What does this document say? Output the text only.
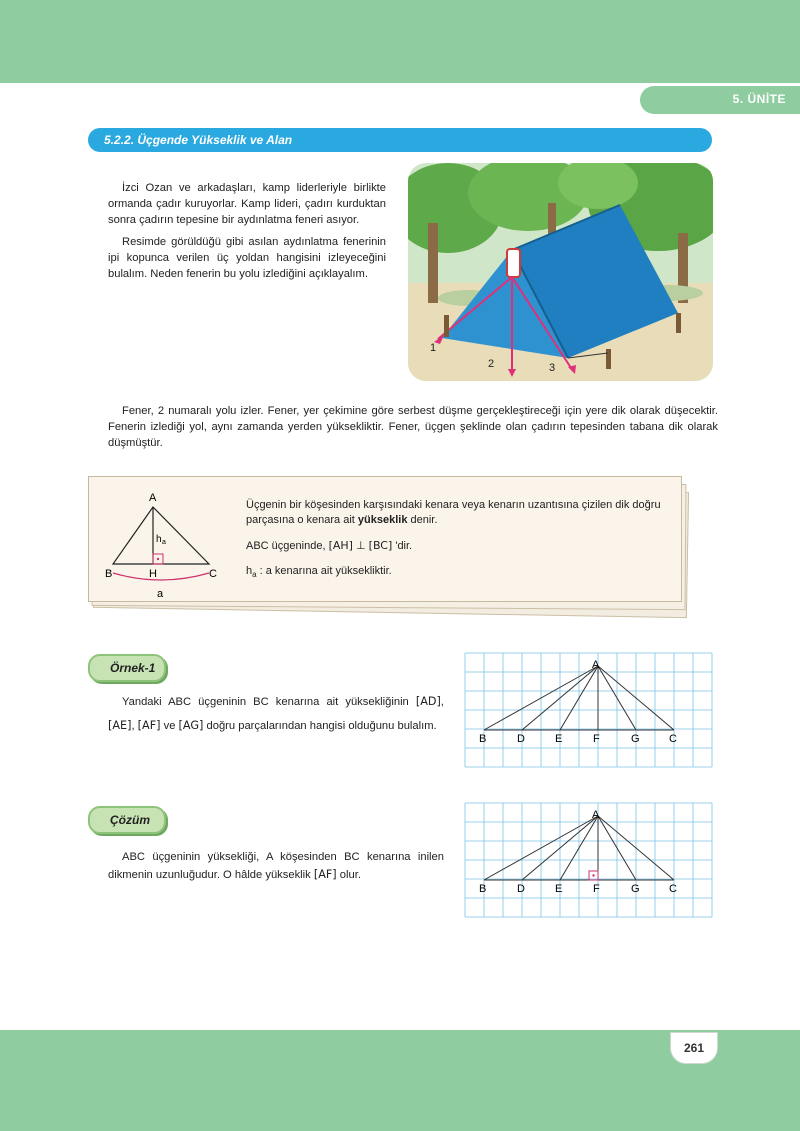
5. ÜNİTE
5.2.2. Üçgende Yükseklik ve Alan

İzci Ozan ve arkadaşları, kamp liderleriyle birlikte ormanda çadır kuruyorlar. Kamp lideri, çadırı kurduktan sonra çadırın tepesine bir aydınlatma feneri asıyor.

Resimde görüldüğü gibi asılan aydınlatma fenerinin ipi kopunca verilen üç yoldan hangisini izleyeceğini bulalım. Neden fenerin bu yolu izlediğini açıklayalım.

1
2	3
Fener, 2 numaralı yolu izler. Fener, yer çekimine göre serbest düşme gerçekleştireceği için yere dik olarak düşecektir. Fenerin izlediği yol, aynı zamanda yerden yüksekliktir. Fener, üçgen şeklinde olan çadırın tepesinden tabana dik olarak düşmüştür.
A
B	C
H
h a
a

Üçgenin bir köşesinden karşısındaki kenara veya kenarın uzantısına çizilen dik doğru parçasına o kenara ait yükseklik denir.

ABC üçgeninde, [AH] ⊥ [BC] 'dir.

$h_a$ : a kenarına ait yüksekliktir.

Örnek-1
Yandaki ABC üçgeninin BC kenarına ait yüksekliğinin [AD], [AE], [AF] ve [AG] doğru parçalarından hangisi olduğunu bulalım.
A
B	D	E	F	G	C
Çözüm
ABC üçgeninin yüksekliği, A köşesinden BC kenarına inilen dikmenin uzunluğudur. O hâlde yükseklik [AF] olur.
A
B	D	E	F	G	C
261
